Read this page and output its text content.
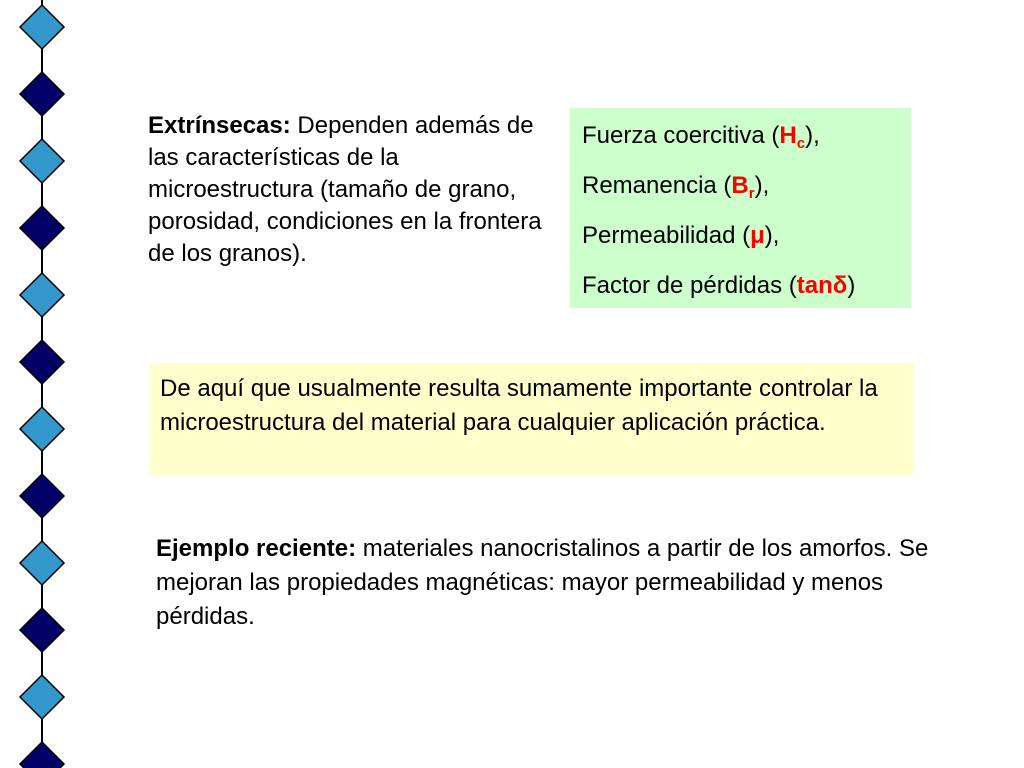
Extrínsecas: Dependen además de las características de la microestructura (tamaño de grano, porosidad, condiciones en la frontera de los granos).
Fuerza coercitiva $(H_c)$,
Remanencia $(B_r)$,
Permeabilidad (μ),
Factor de pérdidas (tanδ)

De aquí que usualmente resulta sumamente importante controlar la microestructura del material para cualquier aplicación práctica.

Ejemplo reciente: materiales nanocristalinos a partir de los amorfos. Se mejoran las propiedades magnéticas: mayor permeabilidad y menos pérdidas.
